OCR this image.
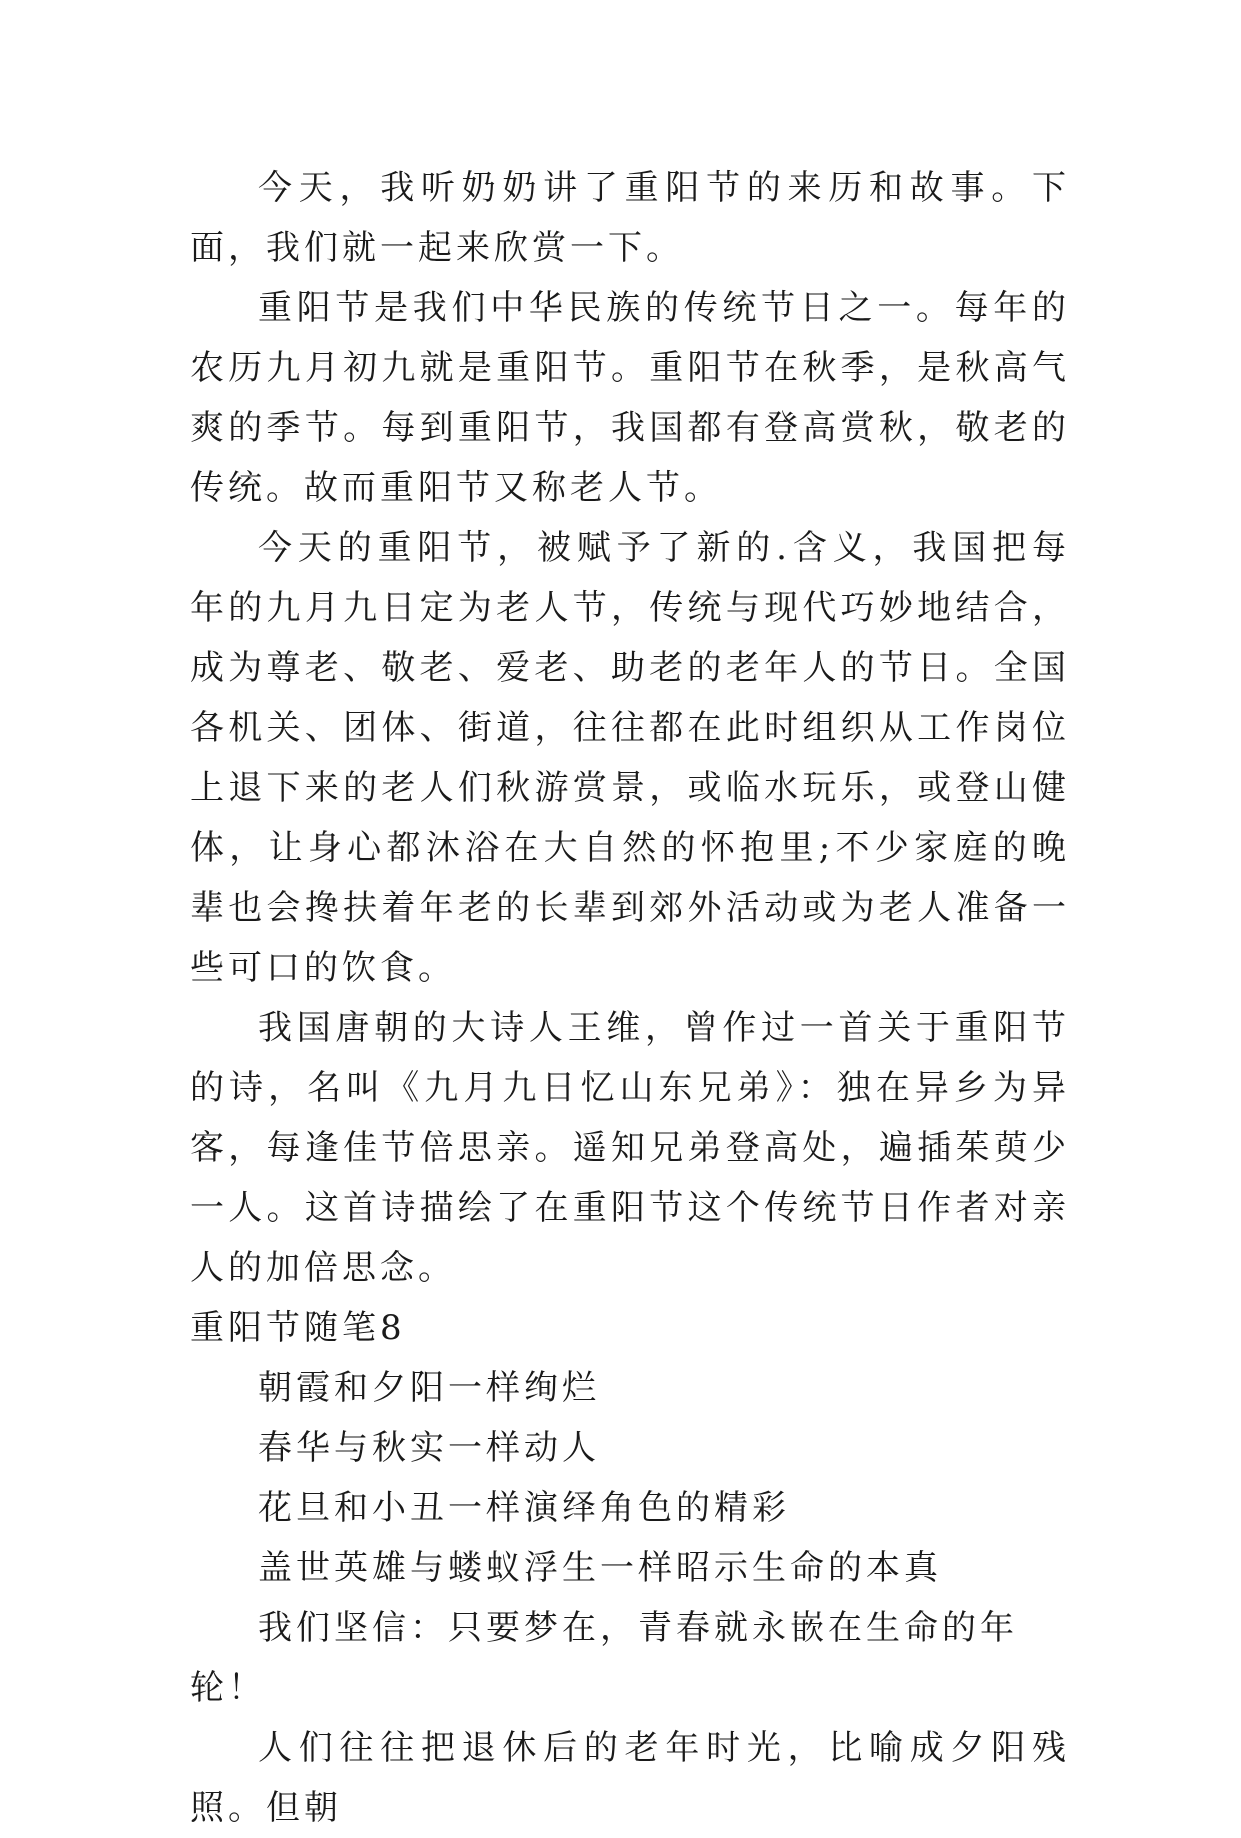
今天，我听奶奶讲了重阳节的来历和故事。下面，我们就一起来欣赏一下。

重阳节是我们中华民族的传统节日之一。每年的农历九月初九就是重阳节。重阳节在秋季，是秋高气爽的季节。每到重阳节，我国都有登高赏秋，敬老的传统。故而重阳节又称老人节。

今天的重阳节，被赋予了新的.含义，我国把每年的九月九日定为老人节，传统与现代巧妙地结合，成为尊老、敬老、爱老、助老的老年人的节日。全国各机关、团体、街道，往往都在此时组织从工作岗位上退下来的老人们秋游赏景，或临水玩乐，或登山健体，让身心都沐浴在大自然的怀抱里;不少家庭的晚辈也会搀扶着年老的长辈到郊外活动或为老人准备一些可口的饮食。

我国唐朝的大诗人王维，曾作过一首关于重阳节的诗，名叫《九月九日忆山东兄弟》：独在异乡为异客，每逢佳节倍思亲。遥知兄弟登高处，遍插茱萸少一人。这首诗描绘了在重阳节这个传统节日作者对亲人的加倍思念。

重阳节随笔8

朝霞和夕阳一样绚烂

春华与秋实一样动人

花旦和小丑一样演绎角色的精彩

盖世英雄与蝼蚁浮生一样昭示生命的本真

我们坚信：只要梦在，青春就永嵌在生命的年轮！

人们往往把退休后的老年时光，比喻成夕阳残照。但朝
